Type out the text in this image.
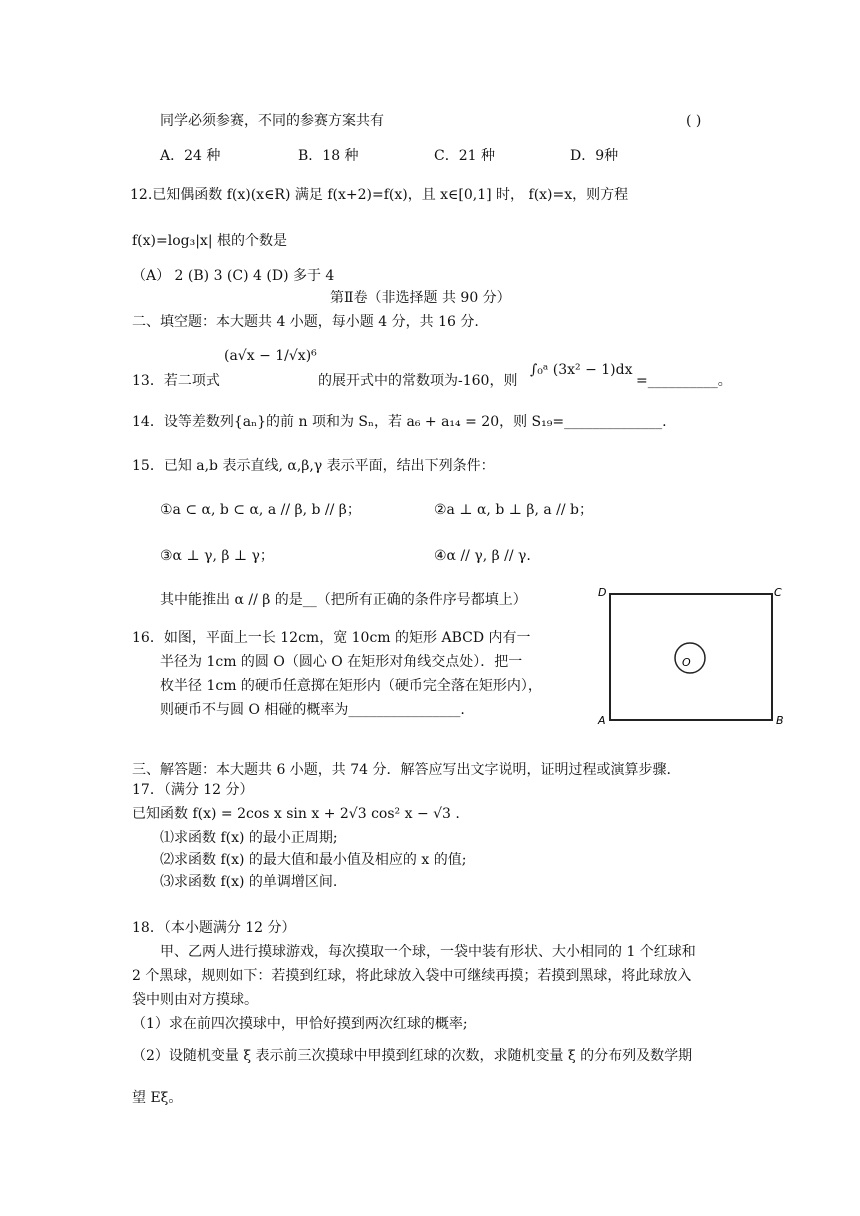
同学必须参赛，不同的参赛方案共有	( )
A．24 种	B．18 种	C．21 种	D．9种
12.已知偶函数 f(x)(x∈R) 满足 f(x+2)=f(x)，且 x∈[0,1] 时， f(x)=x，则方程
f(x)=log₃|x| 根的个数是
（A） 2 (B) 3 (C) 4 (D) 多于 4
第Ⅱ卷（非选择题 共 90 分）
二、填空题：本大题共 4 小题，每小题 4 分，共 16 分.
(a√x − 1/√x)⁶
13．若二项式	的展开式中的常数项为-160，则
∫₀ᵃ (3x² − 1)dx
=__________。
14．设等差数列{aₙ}的前 n 项和为 Sₙ，若 a₆ + a₁₄ = 20，则 S₁₉=______________.
15．已知 a,b 表示直线, α,β,γ 表示平面，结出下列条件：
①a ⊂ α, b ⊂ α, a // β, b // β；	②a ⊥ α, b ⊥ β, a // b；
③α ⊥ γ, β ⊥ γ；	④α // γ, β // γ.
其中能推出 α // β 的是__（把所有正确的条件序号都填上）
16．如图，平面上一长 12cm，宽 10cm 的矩形 ABCD 内有一
半径为 1cm 的圆 O（圆心 O 在矩形对角线交点处）．把一
枚半径 1cm 的硬币任意掷在矩形内（硬币完全落在矩形内），
则硬币不与圆 O 相碰的概率为________________.
D	C
A	B
O
三、解答题：本大题共 6 小题，共 74 分．解答应写出文字说明，证明过程或演算步骤.
17．（满分 12 分）
已知函数 f(x) = 2cos x sin x + 2√3 cos² x − √3 .
⑴求函数 f(x) 的最小正周期;
⑵求函数 f(x) 的最大值和最小值及相应的 x 的值;
⑶求函数 f(x) 的单调增区间.
18．（本小题满分 12 分）
甲、乙两人进行摸球游戏，每次摸取一个球，一袋中装有形状、大小相同的 1 个红球和
2 个黑球，规则如下：若摸到红球，将此球放入袋中可继续再摸；若摸到黑球，将此球放入
袋中则由对方摸球。
（1）求在前四次摸球中，甲恰好摸到两次红球的概率;
（2）设随机变量 ξ 表示前三次摸球中甲摸到红球的次数，求随机变量 ξ 的分布列及数学期
望 Eξ。
